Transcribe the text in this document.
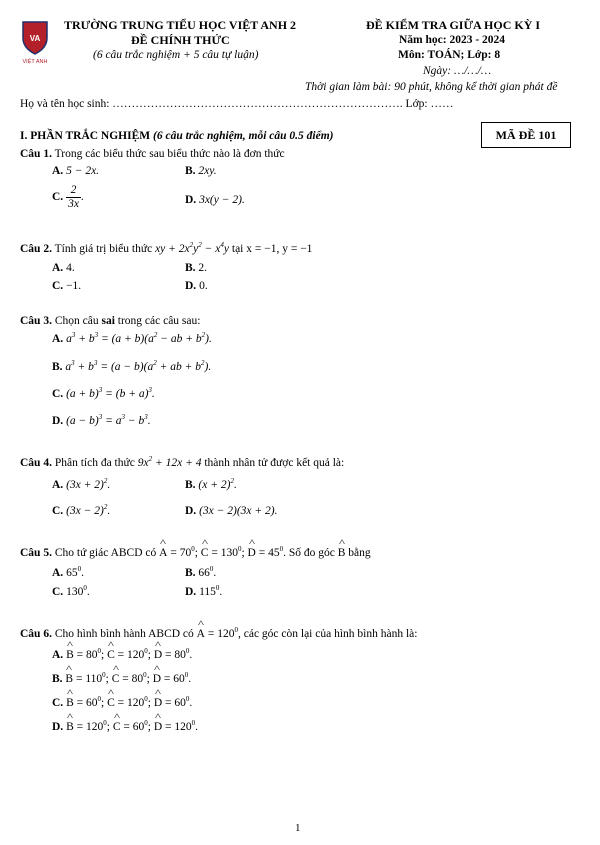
VA
VIỆT ANH
TRƯỜNG TRUNG TIỂU HỌC VIỆT ANH 2
ĐỀ CHÍNH THỨC
(6 câu trắc nghiệm + 5 câu tự luận)
ĐỀ KIỂM TRA GIỮA HỌC KỲ I
Năm học: 2023 - 2024
Môn: TOÁN; Lớp: 8
Ngày: …/…/…
Thời gian làm bài: 90 phút, không kể thời gian phát đề
Họ và tên học sinh: …………………………………………………………………. Lớp: ……
I. PHẦN TRẮC NGHIỆM (6 câu trắc nghiệm, mỗi câu 0.5 điểm)	MÃ ĐỀ 101
Câu 1. Trong các biểu thức sau biểu thức nào là đơn thức
A. 5 − 2x.	B. 2xy.
C. $\frac{2}{3x}$ .	D. 3x(y − 2).
Câu 2. Tính giá trị biểu thức xy + $2x^2y^2 - x^4y$ tại x = −1, y = −1
A. 4.	B. 2.
C. −1.	D. 0.
Câu 3. Chọn câu sai trong các câu sau:
A. $a^3 + b^3 = (a + b)(a^2$ − ab + $b^2$).
B. $a^3 + b^3 = (a - b)(a^2$ + ab + $b^2$).
C. $(a + b)^3 = (b + a)^3$.
D. $(a - b)^3 = a^3 - b^3$.
Câu 4. Phân tích đa thức $9x^2 + 12x + 4$ thành nhân tử được kết quả là:
A. $(3x + 2)^2$.	B. $(x + 2)^2$.
C. $(3x - 2)^2$.	D. (3x − 2)(3x + 2).
Câu 5. Cho tứ giác ABCD có ^ $A = 70^0$; ^ $C = 130^0$; ^ $D = 45^0$. Số đo góc ^ B bằng
A. $65^0$.	B. $66^0$.
C. $130^0$.	D. $115^0$.
Câu 6. Cho hình bình hành ABCD có ^ $A = 120^0$, các góc còn lại của hình bình hành là:
A. ^ $B = 80^0$; ^ $C = 120^0$; ^ $D = 80^0$.
B. ^ $B = 110^0$; ^ $C = 80^0$; ^ $D = 60^0$.
C. ^ $B = 60^0$; ^ $C = 120^0$; ^ $D = 60^0$.
D. ^ $B = 120^0$; ^ $C = 60^0$; ^ $D = 120^0$.
1
